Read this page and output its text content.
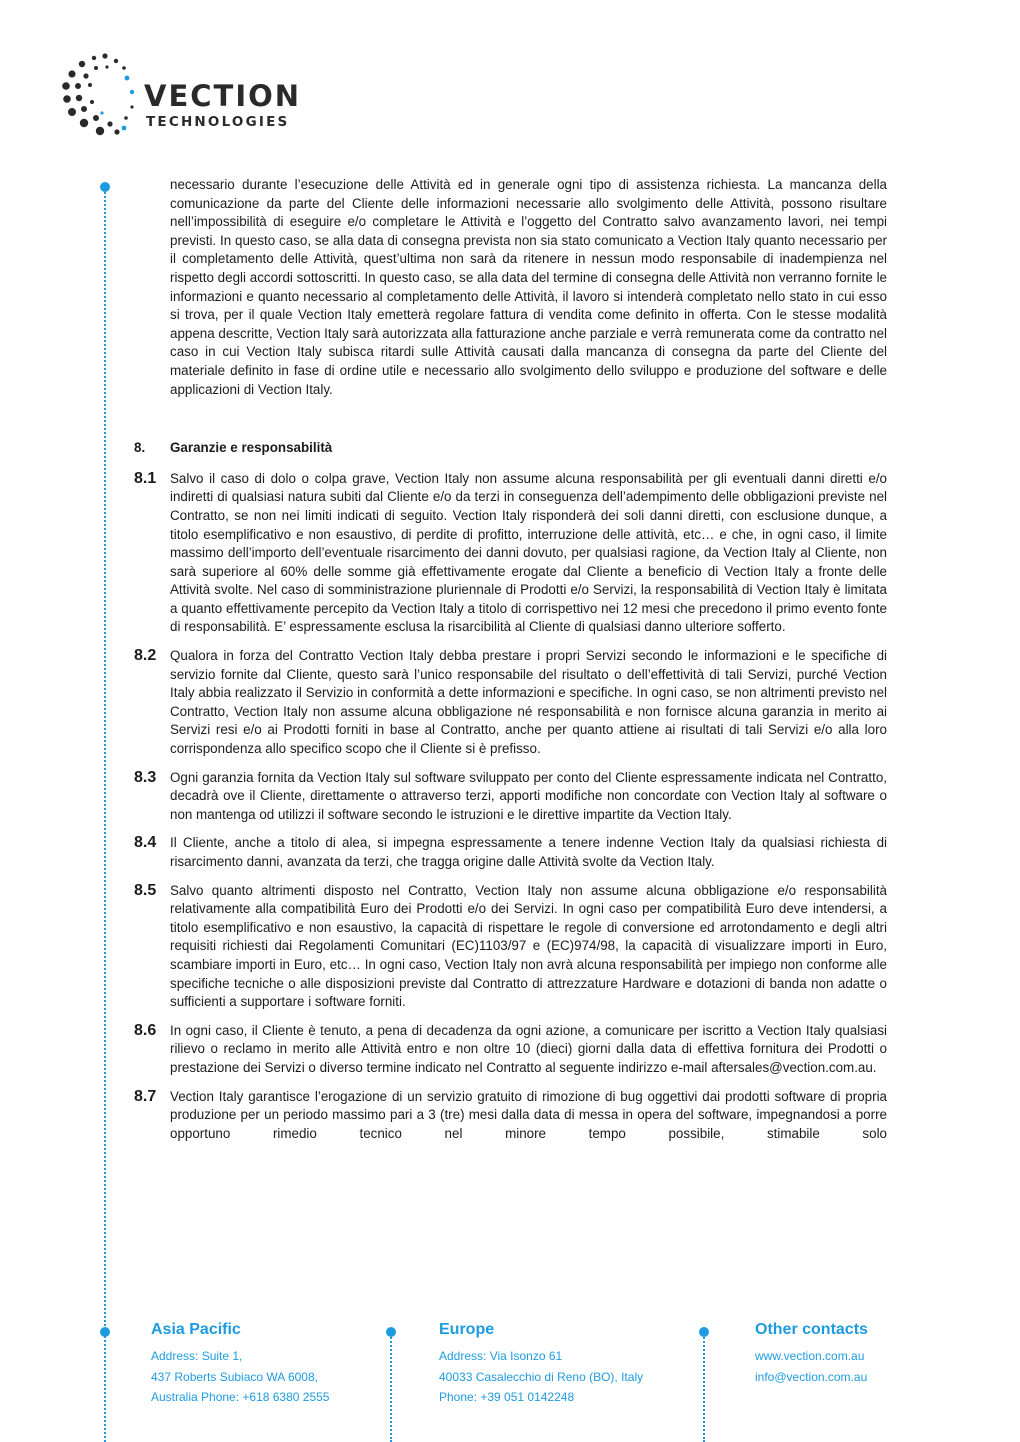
VECTION
TECHNOLOGIES

necessario durante l’esecuzione delle Attività ed in generale ogni tipo di assistenza richiesta. La mancanza della comunicazione da parte del Cliente delle informazioni necessarie allo svolgimento delle Attività, possono risultare nell’impossibilità di eseguire e/o completare le Attività e l’oggetto del Contratto salvo avanzamento lavori, nei tempi previsti. In questo caso, se alla data di consegna prevista non sia stato comunicato a Vection Italy quanto necessario per il completamento delle Attività, quest’ultima non sarà da ritenere in nessun modo responsabile di inadempienza nel rispetto degli accordi sottoscritti. In questo caso, se alla data del termine di consegna delle Attività non verranno fornite le informazioni e quanto necessario al completamento delle Attività, il lavoro si intenderà completato nello stato in cui esso si trova, per il quale Vection Italy emetterà regolare fattura di vendita come definito in offerta. Con le stesse modalità appena descritte, Vection Italy sarà autorizzata alla fatturazione anche parziale e verrà remunerata come da contratto nel caso in cui Vection Italy subisca ritardi sulle Attività causati dalla mancanza di consegna da parte del Cliente del materiale definito in fase di ordine utile e necessario allo svolgimento dello sviluppo e produzione del software e delle applicazioni di Vection Italy.

8.	Garanzie e responsabilità
8.1	Salvo il caso di dolo o colpa grave, Vection Italy non assume alcuna responsabilità per gli eventuali danni diretti e/o indiretti di qualsiasi natura subiti dal Cliente e/o da terzi in conseguenza dell’adempimento delle obbligazioni previste nel Contratto, se non nei limiti indicati di seguito. Vection Italy risponderà dei soli danni diretti, con esclusione dunque, a titolo esemplificativo e non esaustivo, di perdite di profitto, interruzione delle attività, etc… e che, in ogni caso, il limite massimo dell’importo dell’eventuale risarcimento dei danni dovuto, per qualsiasi ragione, da Vection Italy al Cliente, non sarà superiore al 60% delle somme già effettivamente erogate dal Cliente a beneficio di Vection Italy a fronte delle Attività svolte. Nel caso di somministrazione pluriennale di Prodotti e/o Servizi, la responsabilità di Vection Italy è limitata a quanto effettivamente percepito da Vection Italy a titolo di corrispettivo nei 12 mesi che precedono il primo evento fonte di responsabilità. E’ espressamente esclusa la risarcibilità al Cliente di qualsiasi danno ulteriore sofferto.

8.2	Qualora in forza del Contratto Vection Italy debba prestare i propri Servizi secondo le informazioni e le specifiche di servizio fornite dal Cliente, questo sarà l’unico responsabile del risultato o dell’effettività di tali Servizi, purché Vection Italy abbia realizzato il Servizio in conformità a dette informazioni e specifiche. In ogni caso, se non altrimenti previsto nel Contratto, Vection Italy non assume alcuna obbligazione né responsabilità e non fornisce alcuna garanzia in merito ai Servizi resi e/o ai Prodotti forniti in base al Contratto, anche per quanto attiene ai risultati di tali Servizi e/o alla loro corrispondenza allo specifico scopo che il Cliente si è prefisso.

8.3	Ogni garanzia fornita da Vection Italy sul software sviluppato per conto del Cliente espressamente indicata nel Contratto, decadrà ove il Cliente, direttamente o attraverso terzi, apporti modifiche non concordate con Vection Italy al software o non mantenga od utilizzi il software secondo le istruzioni e le direttive impartite da Vection Italy.

8.4	Il Cliente, anche a titolo di alea, si impegna espressamente a tenere indenne Vection Italy da qualsiasi richiesta di risarcimento danni, avanzata da terzi, che tragga origine dalle Attività svolte da Vection Italy.

8.5	Salvo quanto altrimenti disposto nel Contratto, Vection Italy non assume alcuna obbligazione e/o responsabilità relativamente alla compatibilità Euro dei Prodotti e/o dei Servizi. In ogni caso per compatibilità Euro deve intendersi, a titolo esemplificativo e non esaustivo, la capacità di rispettare le regole di conversione ed arrotondamento e degli altri requisiti richiesti dai Regolamenti Comunitari (EC)1103/97 e (EC)974/98, la capacità di visualizzare importi in Euro, scambiare importi in Euro, etc… In ogni caso, Vection Italy non avrà alcuna responsabilità per impiego non conforme alle specifiche tecniche o alle disposizioni previste dal Contratto di attrezzature Hardware e dotazioni di banda non adatte o sufficienti a supportare i software forniti.

8.6	In ogni caso, il Cliente è tenuto, a pena di decadenza da ogni azione, a comunicare per iscritto a Vection Italy qualsiasi rilievo o reclamo in merito alle Attività entro e non oltre 10 (dieci) giorni dalla data di effettiva fornitura dei Prodotti o prestazione dei Servizi o diverso termine indicato nel Contratto al seguente indirizzo e-mail aftersales@vection.com.au.

8.7	Vection Italy garantisce l’erogazione di un servizio gratuito di rimozione di bug oggettivi dai prodotti software di propria produzione per un periodo massimo pari a 3 (tre) mesi dalla data di messa in opera del software, impegnandosi a porre opportuno rimedio tecnico nel minore tempo possibile, stimabile solo

Asia Pacific
Address: Suite 1,
437 Roberts Subiaco WA 6008,
Australia Phone: +618 6380 2555
Europe
Address: Via Isonzo 61
40033 Casalecchio di Reno (BO), Italy
Phone: +39 051 0142248
Other contacts
www.vection.com.au
info@vection.com.au
